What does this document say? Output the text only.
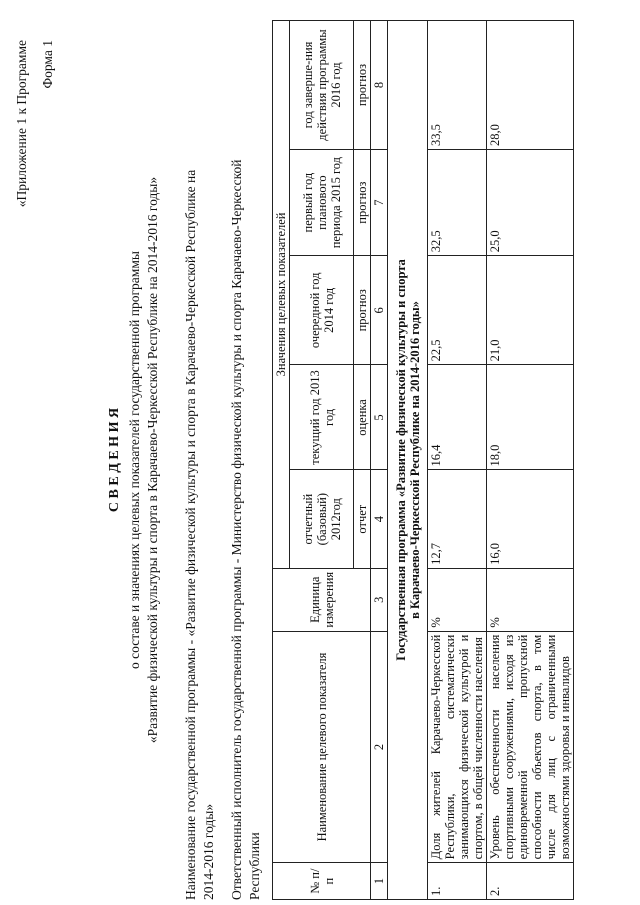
«Приложение 1 к Программе Форма 1
С В Е Д Е Н И Я о составе и значениях целевых показателей государственной программы «Развитие физической культуры и спорта в Карачаево-Черкесской Республике на 2014-2016 годы» Наименование государственной программы - «Развитие физической культуры и спорта в Карачаево-Черкесской Республике на 2014-2016 годы» Ответственный исполнитель государственной программы - Министерство физической культуры и спорта Карачаево-Черкесской Республики	№ п/п	Наименование целевого показателя	Единица измерения	Значения целевых показателей				
			отчетный (базовый) 2012год	текущий год 2013 год	очередной год 2014 год	первый год планового периода 2015 год	год заверше-ния действия программы 2016 год
			отчет	оценка	прогноз	прогноз	прогноз
1	2	3	4	5	6	7	8

Государственная программа «Развитие физической культуры и спорта в Карачаево-Черкесской Республике на 2014-2016 годы»							

1.	Доля жителей Карачаево-Черкесской Республики, систематически занимающихся физической культурой и спортом, в общей численности населения	%	12,7	16,4	22,5	32,5	33,5
2.	Уровень обеспеченности населения спортивными сооружениями, исходя из единовременной пропускной способности объектов спорта, в том числе для лиц с ограниченными возможностями здоровья и инвалидов	%	16,0	18,0	21,0	25,0	28,0
